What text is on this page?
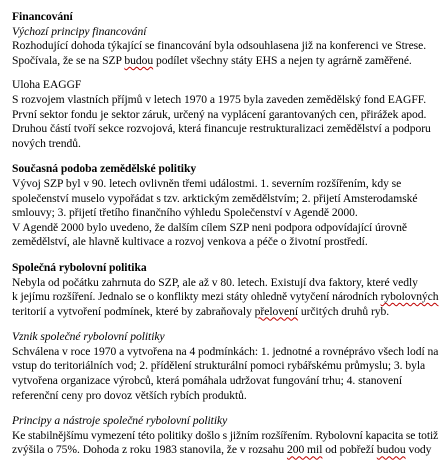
Financování
Výchozí principy financování
Rozhodující dohoda týkající se financování byla odsouhlasena již na konferenci ve Strese.
Spočívala, že se na SZP budou podílet všechny státy EHS a nejen ty agrárně zaměřené.
Uloha EAGGF
S rozvojem vlastních příjmů v letech 1970 a 1975 byla zaveden zemědělský fond EAGFF.
První sektor fondu je sektor záruk, určený na vyplácení garantovaných cen, přirážek apod.
Druhou částí tvoří sekce rozvojová, která financuje restrukturalizaci zemědělství a podporu
nových trendů.
Současná podoba zemědělské politiky
Vývoj SZP byl v 90. letech ovlivněn třemi událostmi. 1. severním rozšířením, kdy se
společenství muselo vypořádat s tzv. arktickým zemědělstvím; 2. přijetí Amsterodamské
smlouvy; 3. přijetí třetího finančního výhledu Společenství v Agendě 2000.
V Agendě 2000 bylo uvedeno, že dalším cílem SZP neni podpora odpovídající úrovně
zemědělství, ale hlavně kultivace a rozvoj venkova a péče o životní prostředí.
Společná rybolovní politika
Nebyla od počátku zahrnuta do SZP, ale až v 80. letech. Existují dva faktory, které vedly
k jejímu rozšíření. Jednalo se o konflikty mezi státy ohledně vytyčení národních rybolovných
teritorií a vytvoření podmínek, které by zabraňovaly přelovení určitých druhů ryb.
Vznik společné rybolovní politiky
Schválena v roce 1970 a vytvořena na 4 podmínkách: 1. jednotné a rovnéprávo všech lodí na
vstup do teritoriálních vod; 2. přídělení strukturální pomoci rybářskému průmyslu; 3. byla
vytvořena organizace výrobců, která pomáhala udržovat fungování trhu; 4. stanovení
referenční ceny pro dovoz větších rybích produktů.
Principy a nástroje společné rybolovní politiky
Ke stabilnějšímu vymezení této politiky došlo s jižním rozšířením. Rybolovní kapacita se totiž
zvýšila o 75%. Dohoda z roku 1983 stanovila, že v rozsahu 200 mil od pobřeží budou vody
